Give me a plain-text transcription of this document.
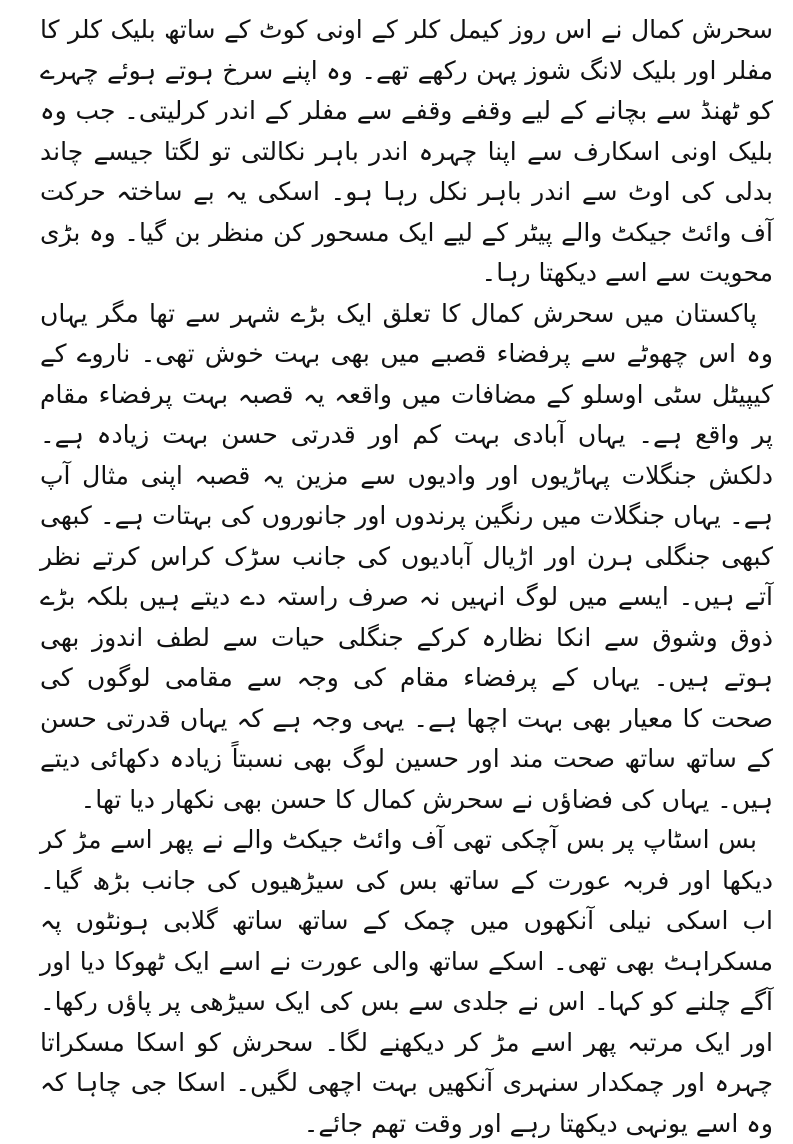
سحرش کمال نے اس روز کیمل کلر کے اونی کوٹ کے ساتھ بلیک کلر کا مفلر اور بلیک لانگ شوز پہن رکھے تھے۔ وہ اپنے سرخ ہوتے ہوئے چہرے کو ٹھنڈ سے بچانے کے لیے وقفے وقفے سے مفلر کے اندر کرلیتی۔ جب وہ بلیک اونی اسکارف سے اپنا چہرہ اندر باہر نکالتی تو لگتا جیسے چاند بدلی کی اوٹ سے اندر باہر نکل رہا ہو۔ اسکی یہ بے ساختہ حرکت آف وائٹ جیکٹ والے پیٹر کے لیے ایک مسحور کن منظر بن گیا۔ وہ بڑی محویت سے اسے دیکھتا رہا۔

پاکستان میں سحرش کمال کا تعلق ایک بڑے شہر سے تھا مگر یہاں وہ اس چھوٹے سے پرفضاء قصبے میں بھی بہت خوش تھی۔ ناروے کے کیپیٹل سٹی اوسلو کے مضافات میں واقعہ یہ قصبہ بہت پرفضاء مقام پر واقع ہے۔ یہاں آبادی بہت کم اور قدرتی حسن بہت زیادہ ہے۔ دلکش جنگلات پہاڑیوں اور وادیوں سے مزین یہ قصبہ اپنی مثال آپ ہے۔ یہاں جنگلات میں رنگین پرندوں اور جانوروں کی بہتات ہے۔ کبھی کبھی جنگلی ہرن اور اڑیال آبادیوں کی جانب سڑک کراس کرتے نظر آتے ہیں۔ ایسے میں لوگ انہیں نہ صرف راستہ دے دیتے ہیں بلکہ بڑے ذوق وشوق سے انکا نظارہ کرکے جنگلی حیات سے لطف اندوز بھی ہوتے ہیں۔ یہاں کے پرفضاء مقام کی وجہ سے مقامی لوگوں کی صحت کا معیار بھی بہت اچھا ہے۔ یہی وجہ ہے کہ یہاں قدرتی حسن کے ساتھ ساتھ صحت مند اور حسین لوگ بھی نسبتاً زیادہ دکھائی دیتے ہیں۔ یہاں کی فضاؤں نے سحرش کمال کا حسن بھی نکھار دیا تھا۔

بس اسٹاپ پر بس آچکی تھی آف وائٹ جیکٹ والے نے پھر اسے مڑ کر دیکھا اور فربہ عورت کے ساتھ بس کی سیڑھیوں کی جانب بڑھ گیا۔ اب اسکی نیلی آنکھوں میں چمک کے ساتھ ساتھ گلابی ہونٹوں پہ مسکراہٹ بھی تھی۔ اسکے ساتھ والی عورت نے اسے ایک ٹھوکا دیا اور آگے چلنے کو کہا۔ اس نے جلدی سے بس کی ایک سیڑھی پر پاؤں رکھا۔ اور ایک مرتبہ پھر اسے مڑ کر دیکھنے لگا۔ سحرش کو اسکا مسکراتا چہرہ اور چمکدار سنہری آنکھیں بہت اچھی لگیں۔ اسکا جی چاہا کہ وہ اسے یونہی دیکھتا رہے اور وقت تھم جائے۔
